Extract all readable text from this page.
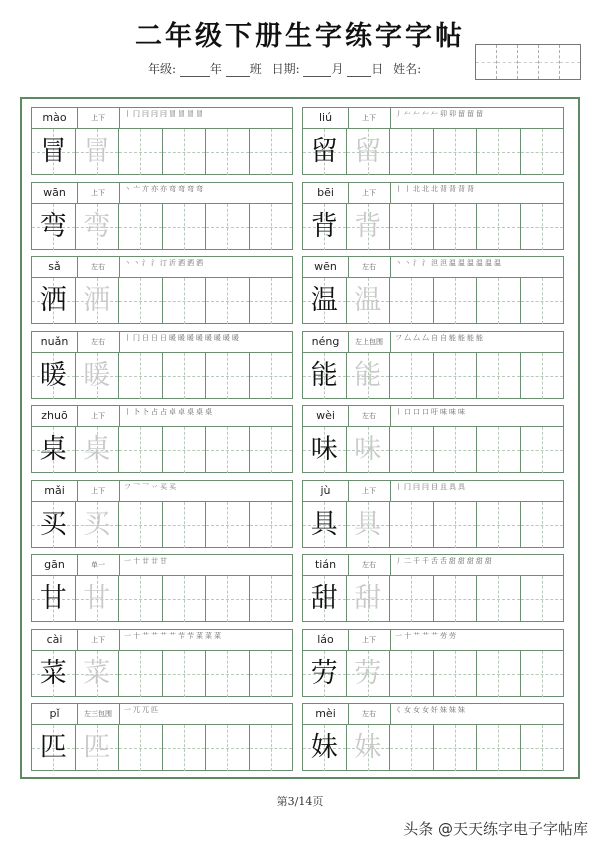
二年级下册生字练字字帖
年级:	年 班 日期:	月 日 姓名:
mào	上下	丨冂冃冃冃冒冒冒冒
冒 冒
liú	上下	丿𠂉𠂉𠂉𠂉卯卯留留留
留 留
wān	上下	丶亠亣亦亦弯弯弯弯
弯 弯
bēi	上下	丨丨北北北背背背背
背 背
sǎ	左右	丶丶氵氵汀沂洒洒洒
洒 洒
wēn	左右	丶丶氵氵泹泹温温温温温温
温 温
nuǎn	左右	丨冂日日日暖暖暖暖暖暖暖暖
暖 暖
néng	左上包围	フ厶厶厶自自能能能能
能 能
zhuō	上下	丨卜卜占占卓卓桌桌桌
桌 桌
wèi	左右	丨口口口吁味味味
味 味
mǎi	上下	フ乛乛丷买买
买 买
jù	上下	丨冂冃冃目且具具
具 具
gān	单一	一十廿廿甘
甘 甘
tián	左右	丿二千千舌舌甜甜甜甜甜
甜 甜
cài	上下	一十艹艹艹艹芐芐菜菜菜
菜 菜
láo	上下	一十艹艹艹劳劳
劳 劳
pǐ	左三包围	一兀兀匹
匹 匹
mèi	左右	く女女女奷妹妹妹
妹 妹
第3/14页
头条 @天天练字电子字帖库
